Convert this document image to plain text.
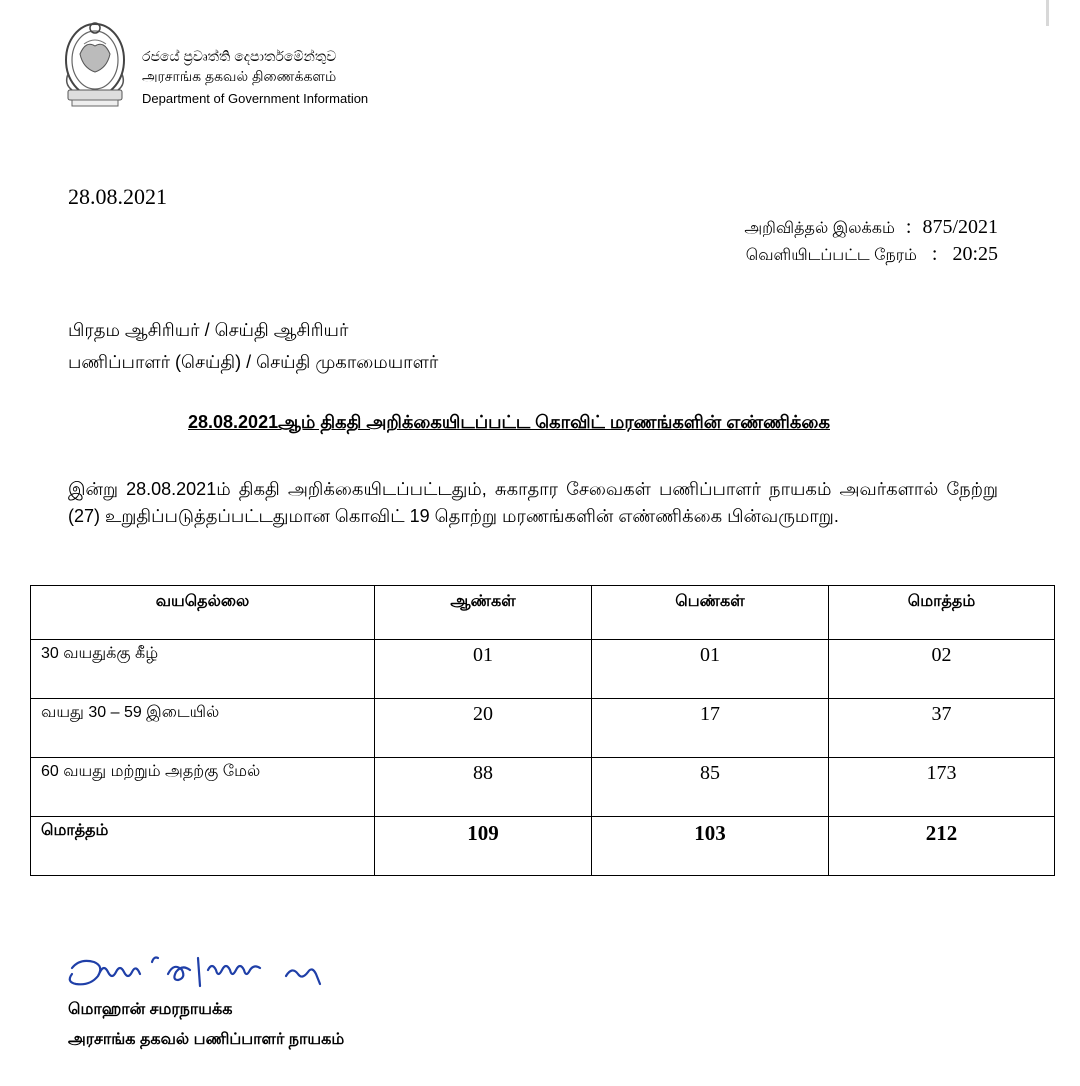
රජයේ ප්‍රවෘත්ති දෙපාර්තමේන්තුව
அரசாங்க தகவல் திணைக்களம்
Department of Government Information
28.08.2021
அறிவித்தல் இலக்கம் : 875/2021
வெளியிடப்பட்ட நேரம் : 20:25
பிரதம ஆசிரியர் / செய்தி ஆசிரியர்
பணிப்பாளர் (செய்தி) / செய்தி முகாமையாளர்
28.08.2021ஆம் திகதி அறிக்கையிடப்பட்ட கொவிட் மரணங்களின் எண்ணிக்கை
இன்று 28.08.2021ம் திகதி அறிக்கையிடப்பட்டதும், சுகாதார சேவைகள் பணிப்பாளர் நாயகம் அவர்களால் நேற்று (27) உறுதிப்படுத்தப்பட்டதுமான கொவிட் 19 தொற்று மரணங்களின் எண்ணிக்கை பின்வருமாறு.
வயதெல்லை	ஆண்கள்	பெண்கள்	மொத்தம்
30 வயதுக்கு கீழ்	01	01	02
வயது 30 – 59 இடையில்	20	17	37
60 வயது மற்றும் அதற்கு மேல்	88	85	173
மொத்தம்	109	103	212
மொஹான் சமரநாயக்க
அரசாங்க தகவல் பணிப்பாளர் நாயகம்
